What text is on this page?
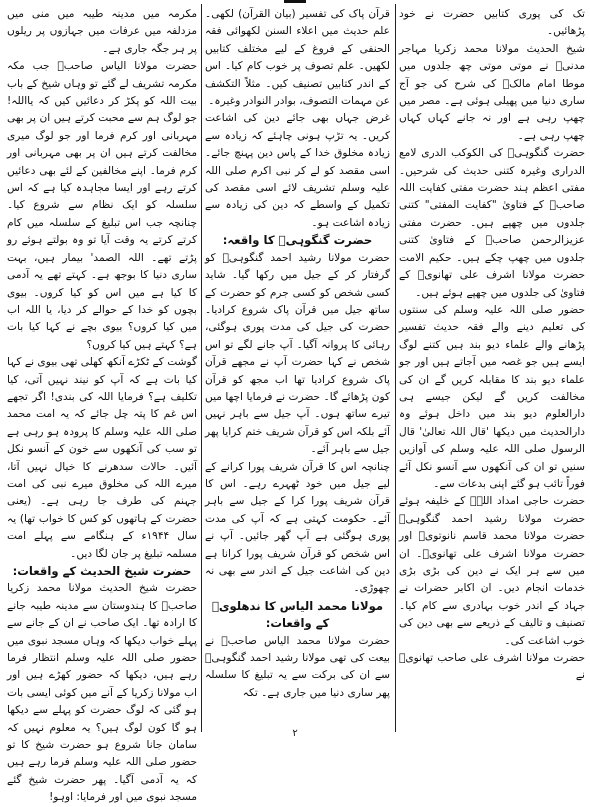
تک کی پوری کتابیں حضرت نے خود پڑھائیں۔

شیخ الحدیث مولانا محمد زکریا مہاجر مدنیؒ نے موتی موتی چھ جلدوں میں موطا امام مالکؒ کی شرح کی جو آج ساری دنیا میں پھیلی ہوئی ہے۔ مصر میں چھپ رہی ہے اور نہ جانے کہاں کہاں چھپ رہی ہے۔

حضرت گنگوہیؒ کی الکوکب الدری لامع الدراری وغیرہ کتنی حدیث کی شرحیں۔ مفتی اعظم ہند حضرت مفتی کفایت اللہ صاحبؒ کے فتاویٰ "کفایت المفتی" کتنی جلدوں میں چھپے ہیں۔ حضرت مفتی عزیزالرحمن صاحبؒ کے فتاویٰ کتنی جلدوں میں چھپ چکے ہیں۔ حکیم الامت حضرت مولانا اشرف علی تھانویؒ کے فتاویٰ کی جلدوں میں چھپے ہوئے ہیں۔

حضور صلی اللہ علیہ وسلم کی سنتوں کی تعلیم دینے والے فقہ حدیث تفسیر پڑھانے والے علماء دیو بند ہیں کتنے لوگ ایسے ہیں جو غصہ میں آجاتے ہیں اور جو علماء دیو بند کا مقابلہ کریں گے ان کی مخالفت کریں گے لیکن جیسے ہی دارالعلوم دیو بند میں داخل ہوئے وہ دارالحدیث میں دیکھا 'قال اللہ تعالیٰ' قال الرسول صلی اللہ علیہ وسلم کی آوازیں سنیں تو ان کی آنکھوں سے آنسو نکل آئے فوراً تائب ہو گئے اپنی بدعات سے۔

حضرت حاجی امداد اللہؒ کے خلیفہ ہوئے حضرت مولانا رشید احمد گنگوہیؒ حضرت مولانا محمد قاسم نانوتویؒ اور حضرت مولانا اشرف علی تھانویؒ۔ ان میں سے ہر ایک نے دین کی بڑی بڑی خدمات انجام دیں۔ ان اکابر حضرات نے جہاد کے اندر خوب بہادری سے کام کیا۔ تصنیف و تالیف کے ذریعے سے بھی دین کی خوب اشاعت کی۔

حضرت مولانا اشرف علی صاحب تھانویؒ نے

قرآن پاک کی تفسیر (بیان القرآن) لکھی۔ علم حدیث میں اعلاء السنن لکھوائی فقہ الحنفی کے فروغ کے لیے مختلف کتابیں لکھیں۔ علم تصوف پر خوب کام کیا۔ اس کے اندر کتابیں تصنیف کیں۔ مثلاً التکشف عن مہمات التصوف، بوادر النوادر وغیرہ۔

غرض جہاں بھی جائے دین کی اشاعت کریں۔ یہ تڑپ ہونی چاہئے کہ زیادہ سے زیادہ مخلوق خدا کے پاس دین پہنچ جائے۔ اسی مقصد کو لے کر نبی اکرم صلی اللہ علیہ وسلم تشریف لائے اسی مقصد کی تکمیل کے واسطے کہ دین کی زیادہ سے زیادہ اشاعت ہو۔

حضرت گنگوہیؒ کا واقعہ:

حضرت مولانا رشید احمد گنگوہیؒ کو گرفتار کر کے جیل میں رکھا گیا۔ شاید کسی شخص کو کسی جرم کو حضرت کے ساتھ جیل میں قرآن پاک شروع کرادیا۔ حضرت کی جیل کی مدت پوری ہوگئی، رہائی کا پروانہ آگیا۔ آپ جانے لگے تو اس شخص نے کہا حضرت آپ نے مجھے قرآن پاک شروع کرادیا تھا اب مجھ کو قرآن کون پڑھائے گا۔ حضرت نے فرمایا اچھا میں تیرے ساتھ ہوں۔ آپ جیل سے باہر نہیں آئے بلکہ اس کو قرآن شریف ختم کرایا پھر جیل سے باہر آئے۔

چنانچہ اس کا قرآن شریف پورا کرانے کے لیے جیل میں خود ٹھہرے رہے۔ اس کا قرآن شریف پورا کرا کے جیل سے باہر آئے۔ حکومت کہتی ہے کہ آپ کی مدت پوری ہوگئی ہے آپ گھر جائیں۔ آپ نے اس شخص کو قرآن شریف پورا کرانا ہے دین کی اشاعت جیل کے اندر سے بھی نہ چھوڑی۔

مولانا محمد الیاس کا ندھلویؒ کے واقعات:

حضرت مولانا محمد الیاس صاحبؒ نے بیعت کی تھی مولانا رشید احمد گنگوہیؒ سے ان کی برکت سے یہ تبلیغ کا سلسلہ پھر ساری دنیا میں جاری ہے۔ تکہ

مکرمہ میں مدینہ طیبہ میں منی میں مزدلفہ میں عرفات میں جہازوں پر ریلوں پر ہر جگہ جاری ہے۔

حضرت مولانا الیاس صاحبؒ جب مکہ مکرمہ تشریف لے گئے تو وہاں شیخ کے باب بیت اللہ کو پکڑ کر دعائیں کیں کہ یااللہ! جو لوگ ہم سے محبت کرتے ہیں ان پر بھی مہربانی اور کرم فرما اور جو لوگ میری مخالفت کرتے ہیں ان پر بھی مہربانی اور کرم فرما۔ اپنے مخالفین کے لئے بھی دعائیں کرتے رہے اور ایسا مجاہدہ کیا ہے کہ اس سلسلہ کو ایک نظام سے شروع کیا۔ چنانچہ جب اس تبلیغ کے سلسلہ میں کام کرتے کرتے یہ وقت آیا تو وہ بولتے ہوئے رو پڑتے تھے۔ اللہ الصمد' بیمار ہیں، بہت ساری دنیا کا بوجھ ہے۔ کہتے تھے یہ آدمی کا کیا ہے میں اس کو کیا کروں۔ بیوی بچوں کو خدا کے حوالے کر دیا، یا اللہ اب میں کیا کروں؟ بیوی بچے نے کہا کیا بات ہے؟ کہتے ہیں کیا کروں؟

گوشت کے ٹکڑے آنکھ کھلی تھی بیوی نے کہا کیا بات ہے کہ آپ کو نیند نہیں آتی، کیا تکلیف ہے؟ فرمایا اللہ کی بندی! اگر تجھے اس غم کا پتہ چل جائے کہ یہ امت محمد صلی اللہ علیہ وسلم کا پرودہ ہو رہی ہے تو سب کی آنکھوں سے خون کے آنسو نکل آئیں۔ حالات سدھرنے کا خیال نہیں آتا، میرے اللہ کی مخلوق میرے نبی کی امت جہنم کی طرف جا رہی ہے۔ (یعنی حضرت کے ہاتھوں کو کس کا خواب تھا) یہ سال ۱۹۴۴ء کے ہنگامے سے پہلے امت مسلمہ تبلیغ پر جان لگا دیں۔

حضرت شیخ الحدیث کے واقعات:

حضرت شیخ الحدیث مولانا محمد زکریا صاحبؒ کا ہندوستان سے مدینہ طیبہ جانے کا ارادہ تھا۔ ایک صاحب نے ان کے جانے سے پہلے خواب دیکھا کہ وہاں مسجد نبوی میں حضور صلی اللہ علیہ وسلم انتظار فرما رہے ہیں، دیکھا کہ حضور کھڑے ہیں اور اب مولانا زکریا کے آنے میں کوئی ایسی بات ہو گئی کہ لوگ حضرت کو پہلے سے دیکھا ہو گا کون لوگ ہیں؟ یہ معلوم نہیں کہ سامان جانا شروع ہو حضرت شیخ کا تو حضور صلی اللہ علیہ وسلم فرما رہے ہیں کہ یہ آدمی آگیا۔ پھر حضرت شیخ گئے مسجد نبوی میں اور فرمایا: اوہو!

۲
